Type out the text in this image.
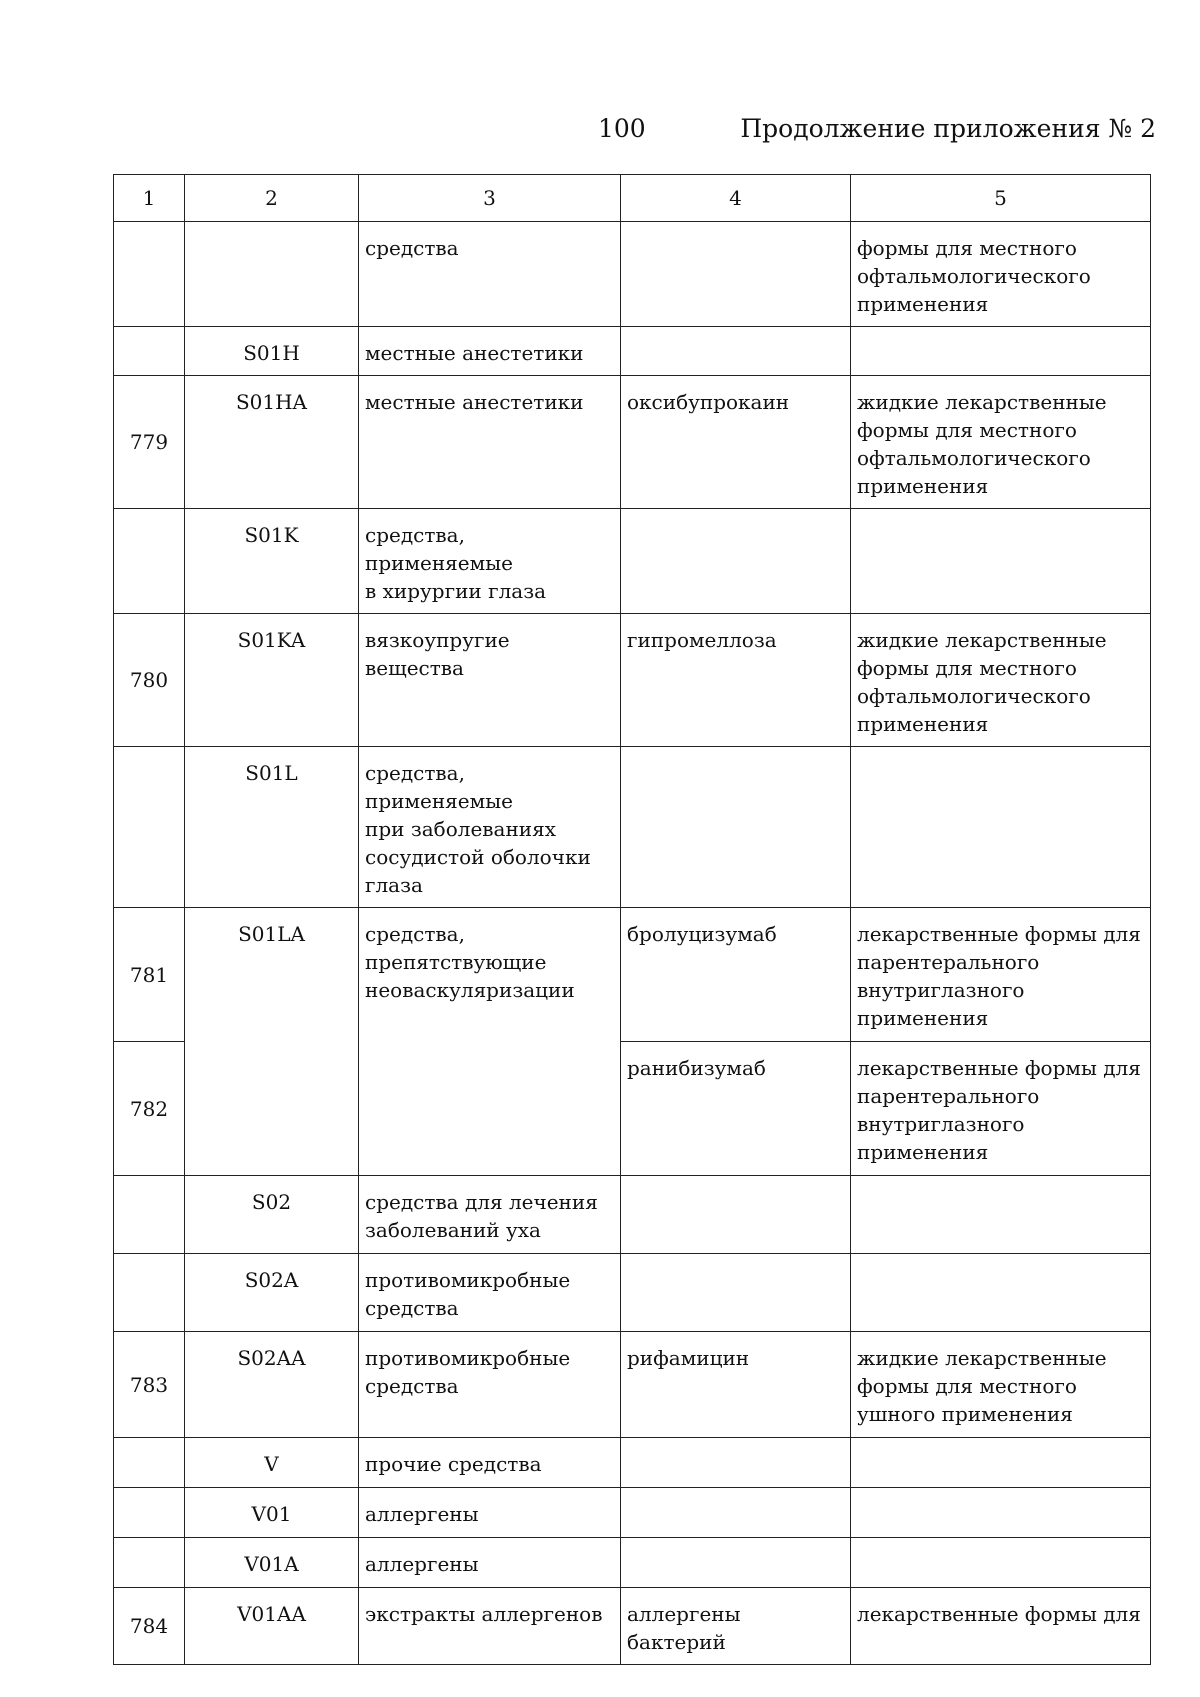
100	Продолжение приложения № 2
1	2	3	4	5

		средства		формы для местного
офтальмологического
применения

	S01H	местные анестетики		

779	S01HA	местные анестетики	оксибупрокаин	жидкие лекарственные
формы для местного
офтальмологического
применения

	S01K	средства, применяемые
в хирургии глаза		

780	S01KA	вязкоупругие вещества	гипромеллоза	жидкие лекарственные
формы для местного
офтальмологического
применения

	S01L	средства, применяемые
при заболеваниях
сосудистой оболочки
глаза		

781	S01LA	средства,
препятствующие
неоваскуляризации	бролуцизумаб	лекарственные формы для
парентерального
внутриглазного
применения

782			ранибизумаб	лекарственные формы для
парентерального
внутриглазного
применения

	S02	средства для лечения
заболеваний уха		

	S02A	противомикробные
средства		

783	S02AA	противомикробные
средства	рифамицин	жидкие лекарственные
формы для местного
ушного применения

	V	прочие средства		

	V01	аллергены		

	V01A	аллергены		

784	V01AA	экстракты аллергенов	аллергены бактерий	лекарственные формы для
